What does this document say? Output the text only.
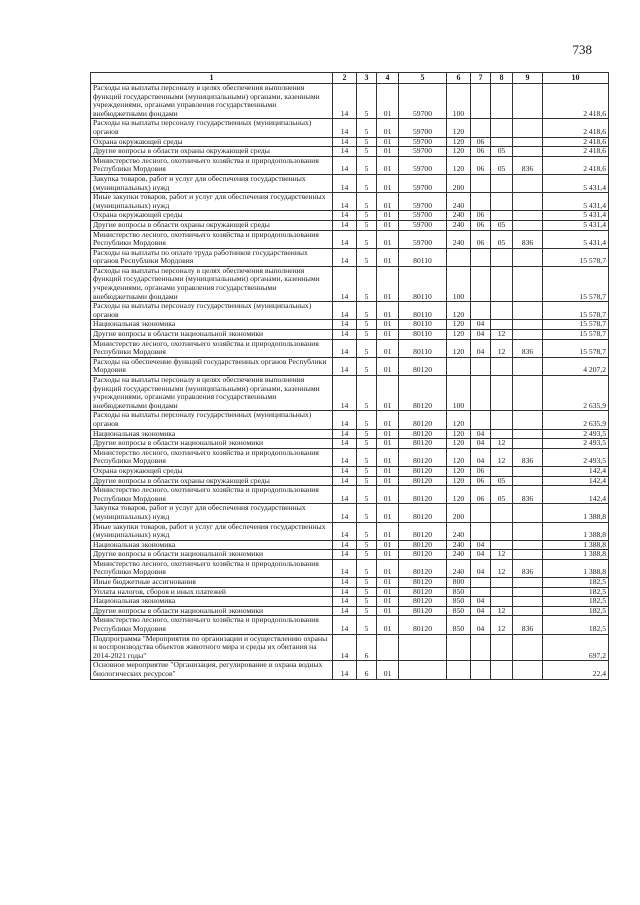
738
1	2	3	4	5	6	7	8	9	10
Расходы на выплаты персоналу в целях обеспечения выполнения функций государственными (муниципальными) органами, казенными учреждениями, органами управления государственными внебюджетными фондами	14	5	01	59700	100				2 418,6
Расходы на выплаты персоналу государственных (муниципальных) органов	14	5	01	59700	120				2 418,6
Охрана окружающей среды	14	5	01	59700	120	06			2 418,6
Другие вопросы в области охраны окружающей среды	14	5	01	59700	120	06	05		2 418,6
Министерство лесного, охотничьего хозяйства и природопользования Республики Мордовия	14	5	01	59700	120	06	05	836	2 418,6
Закупка товаров, работ и услуг для обеспечения государственных (муниципальных) нужд	14	5	01	59700	200				5 431,4
Иные закупки товаров, работ и услуг для обеспечения государственных (муниципальных) нужд	14	5	01	59700	240				5 431,4
Охрана окружающей среды	14	5	01	59700	240	06			5 431,4
Другие вопросы в области охраны окружающей среды	14	5	01	59700	240	06	05		5 431,4
Министерство лесного, охотничьего хозяйства и природопользования Республики Мордовия	14	5	01	59700	240	06	05	836	5 431,4
Расходы на выплаты по оплате труда работников государственных органов Республики Мордовия	14	5	01	80110					15 578,7
Расходы на выплаты персоналу в целях обеспечения выполнения функций государственными (муниципальными) органами, казенными учреждениями, органами управления государственными внебюджетными фондами	14	5	01	80110	100				15 578,7
Расходы на выплаты персоналу государственных (муниципальных) органов	14	5	01	80110	120				15 578,7
Национальная экономика	14	5	01	80110	120	04			15 578,7
Другие вопросы в области национальной экономики	14	5	01	80110	120	04	12		15 578,7
Министерство лесного, охотничьего хозяйства и природопользования Республики Мордовия	14	5	01	80110	120	04	12	836	15 578,7
Расходы на обеспечение функций государственных органов Республики Мордовия	14	5	01	80120					4 207,2
Расходы на выплаты персоналу в целях обеспечения выполнения функций государственными (муниципальными) органами, казенными учреждениями, органами управления государственными внебюджетными фондами	14	5	01	80120	100				2 635,9
Расходы на выплаты персоналу государственных (муниципальных) органов	14	5	01	80120	120				2 635,9
Национальная экономика	14	5	01	80120	120	04			2 493,5
Другие вопросы в области национальной экономики	14	5	01	80120	120	04	12		2 493,5
Министерство лесного, охотничьего хозяйства и природопользования Республики Мордовия	14	5	01	80120	120	04	12	836	2 493,5
Охрана окружающей среды	14	5	01	80120	120	06			142,4
Другие вопросы в области охраны окружающей среды	14	5	01	80120	120	06	05		142,4
Министерство лесного, охотничьего хозяйства и природопользования Республики Мордовия	14	5	01	80120	120	06	05	836	142,4
Закупка товаров, работ и услуг для обеспечения государственных (муниципальных) нужд	14	5	01	80120	200				1 388,8
Иные закупки товаров, работ и услуг для обеспечения государственных (муниципальных) нужд	14	5	01	80120	240				1 388,8
Национальная экономика	14	5	01	80120	240	04			1 388,8
Другие вопросы в области национальной экономики	14	5	01	80120	240	04	12		1 388,8
Министерство лесного, охотничьего хозяйства и природопользования Республики Мордовия	14	5	01	80120	240	04	12	836	1 388,8
Иные бюджетные ассигнования	14	5	01	80120	800				182,5
Уплата налогов, сборов и иных платежей	14	5	01	80120	850				182,5
Национальная экономика	14	5	01	80120	850	04			182,5
Другие вопросы в области национальной экономики	14	5	01	80120	850	04	12		182,5
Министерство лесного, охотничьего хозяйства и природопользования Республики Мордовия	14	5	01	80120	850	04	12	836	182,5
Подпрограмма "Мероприятия по организации и осуществлению охраны и воспроизводства объектов животного мира и среды их обитания на 2014-2021 годы"	14	6							697,2
Основное мероприятие "Организация, регулирование и охрана водных биологических ресурсов"	14	6	01						22,4
